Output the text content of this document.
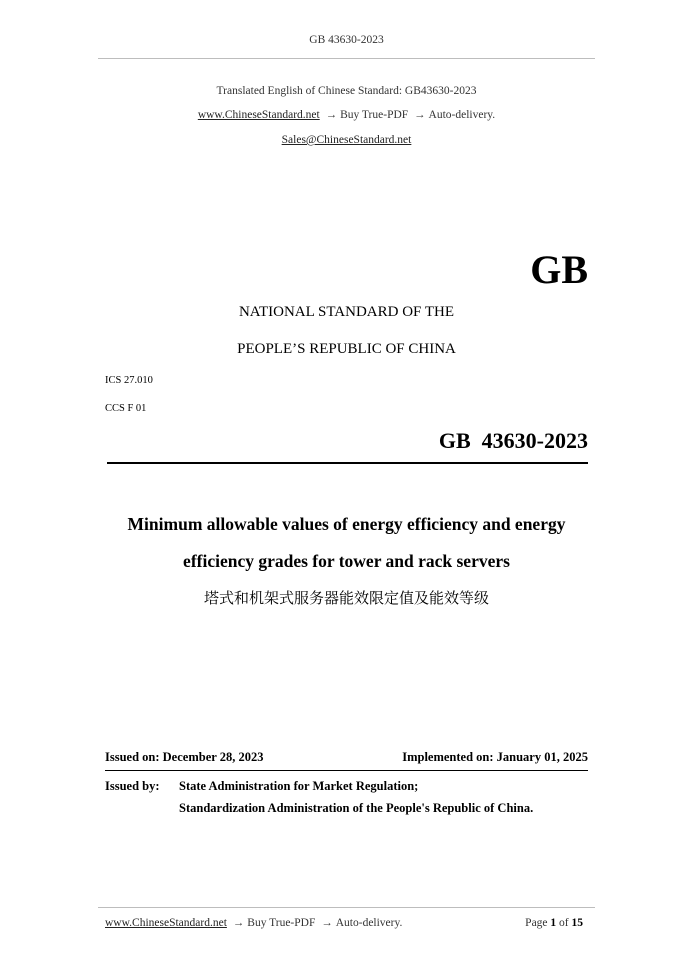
GB 43630-2023
Translated English of Chinese Standard: GB43630-2023
www.ChineseStandard.net → Buy True-PDF → Auto-delivery.
Sales@ChineseStandard.net
GB
NATIONAL STANDARD OF THE
PEOPLE’S REPUBLIC OF CHINA
ICS 27.010
CCS F 01
GB  43630-2023
Minimum allowable values of energy efficiency and energy
efficiency grades for tower and rack servers
塔式和机架式服务器能效限定值及能效等级
Issued on: December 28, 2023	Implemented on: January 01, 2025
Issued by: State Administration for Market Regulation;
Standardization Administration of the People's Republic of China.
www.ChineseStandard.net → Buy True-PDF → Auto-delivery.	Page 1 of 15
